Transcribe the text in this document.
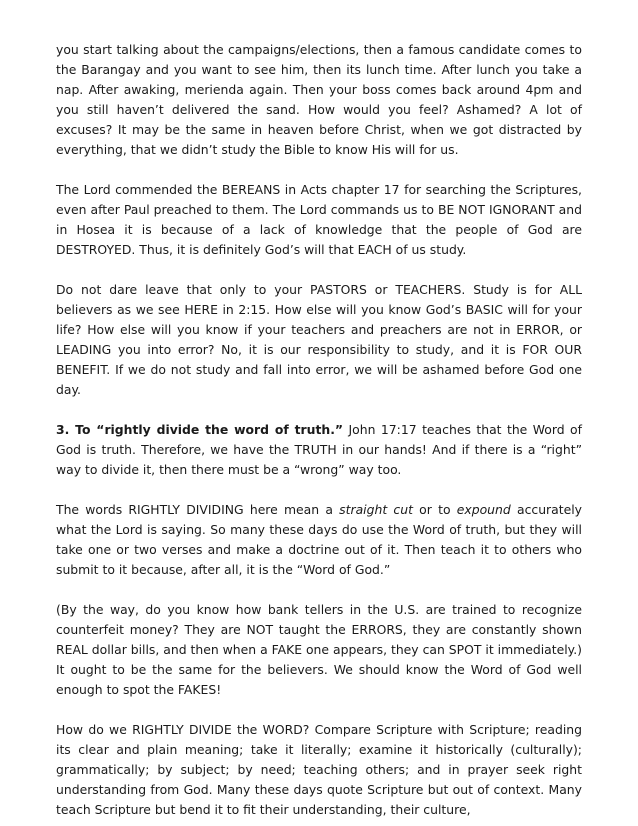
you start talking about the campaigns/elections, then a famous candidate comes to the Barangay and you want to see him, then its lunch time. After lunch you take a nap. After awaking, merienda again. Then your boss comes back around 4pm and you still haven’t delivered the sand. How would you feel? Ashamed? A lot of excuses? It may be the same in heaven before Christ, when we got distracted by everything, that we didn’t study the Bible to know His will for us.

The Lord commended the BEREANS in Acts chapter 17 for searching the Scriptures, even after Paul preached to them. The Lord commands us to BE NOT IGNORANT and in Hosea it is because of a lack of knowledge that the people of God are DESTROYED. Thus, it is definitely God’s will that EACH of us study.

Do not dare leave that only to your PASTORS or TEACHERS. Study is for ALL believers as we see HERE in 2:15. How else will you know God’s BASIC will for your life? How else will you know if your teachers and preachers are not in ERROR, or LEADING you into error? No, it is our responsibility to study, and it is FOR OUR BENEFIT. If we do not study and fall into error, we will be ashamed before God one day.

3. To “rightly divide the word of truth.” John 17:17 teaches that the Word of God is truth. Therefore, we have the TRUTH in our hands! And if there is a “right” way to divide it, then there must be a “wrong” way too.

The words RIGHTLY DIVIDING here mean a straight cut or to expound accurately what the Lord is saying. So many these days do use the Word of truth, but they will take one or two verses and make a doctrine out of it. Then teach it to others who submit to it because, after all, it is the “Word of God.”

(By the way, do you know how bank tellers in the U.S. are trained to recognize counterfeit money? They are NOT taught the ERRORS, they are constantly shown REAL dollar bills, and then when a FAKE one appears, they can SPOT it immediately.) It ought to be the same for the believers. We should know the Word of God well enough to spot the FAKES!

How do we RIGHTLY DIVIDE the WORD? Compare Scripture with Scripture; reading its clear and plain meaning; take it literally; examine it historically (culturally); grammatically; by subject; by need; teaching others; and in prayer seek right understanding from God. Many these days quote Scripture but out of context. Many teach Scripture but bend it to fit their understanding, their culture,
